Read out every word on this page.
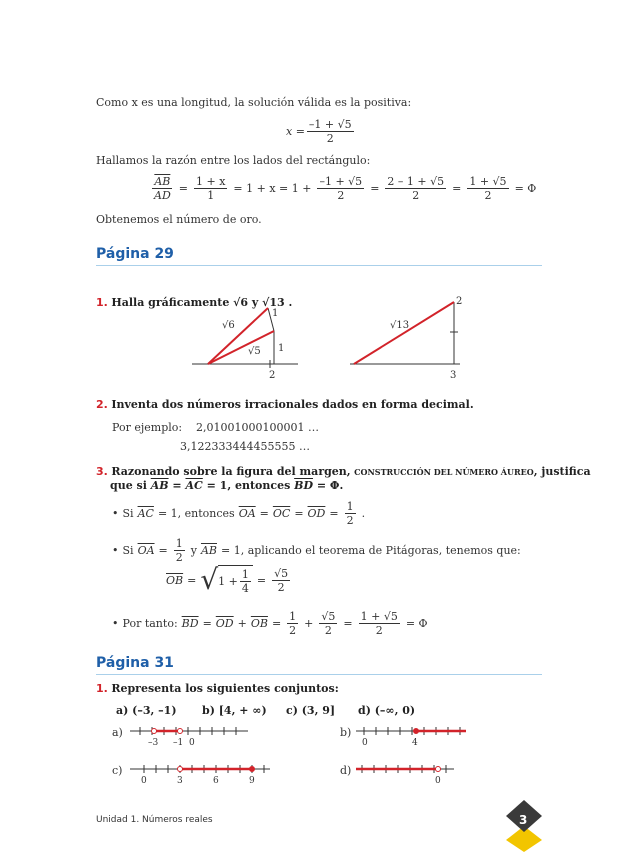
Como x es una longitud, la solución válida es la positiva:
$x = \frac{-1 + √5}{2}$
Hallamos la razón entre los lados del rectángulo:
$\frac{\overline{AB}}{AD} = \frac{1 + x}{1} = 1 + x = 1 + \frac{-1 + √5}{2} = \frac{2 - 1 + √5}{2} = \frac{1 + √5}{2} = \Phi$
Obtenemos el número de oro.
Página 29
1. Halla gráficamente √6 y √13 .
√6
√5
1
1
2
√13
2
3
2. Inventa dos números irracionales dados en forma decimal.
Por ejemplo: 2,01001000100001 …
3,122333444455555 …
3. Razonando sobre la figura del margen, CONSTRUCCIÓN DEL NÚMERO ÁUREO, justifica
que si $\overline{AB} = \overline{AC} = 1$, entonces $\overline{BD} = \Phi$.
• Si $\overline{AC} = 1$, entonces $\overline{OA} = \overline{OC} = \overline{OD} = \frac{1}{2}$ .
• Si $\overline{OA} = \frac{1}{2}$ y $\overline{AB} = 1$, aplicando el teorema de Pitágoras, tenemos que:
$\overline{OB}$ = √ $1 + \frac{1}{4} = \frac{√5}{2}$
• Por tanto: $\overline{BD} = \overline{OD} + \overline{OB} = \frac{1}{2} + \frac{√5}{2} = \frac{1 + √5}{2} = \Phi$
Página 31
1. Representa los siguientes conjuntos:
a) (–3, –1) b) [4, + ∞) c) (3, 9] d) (–∞, 0)
a)
–3 –1 0
b)
0	4
c)
0	3	6	9
d)
0
Unidad 1. Números reales	3
